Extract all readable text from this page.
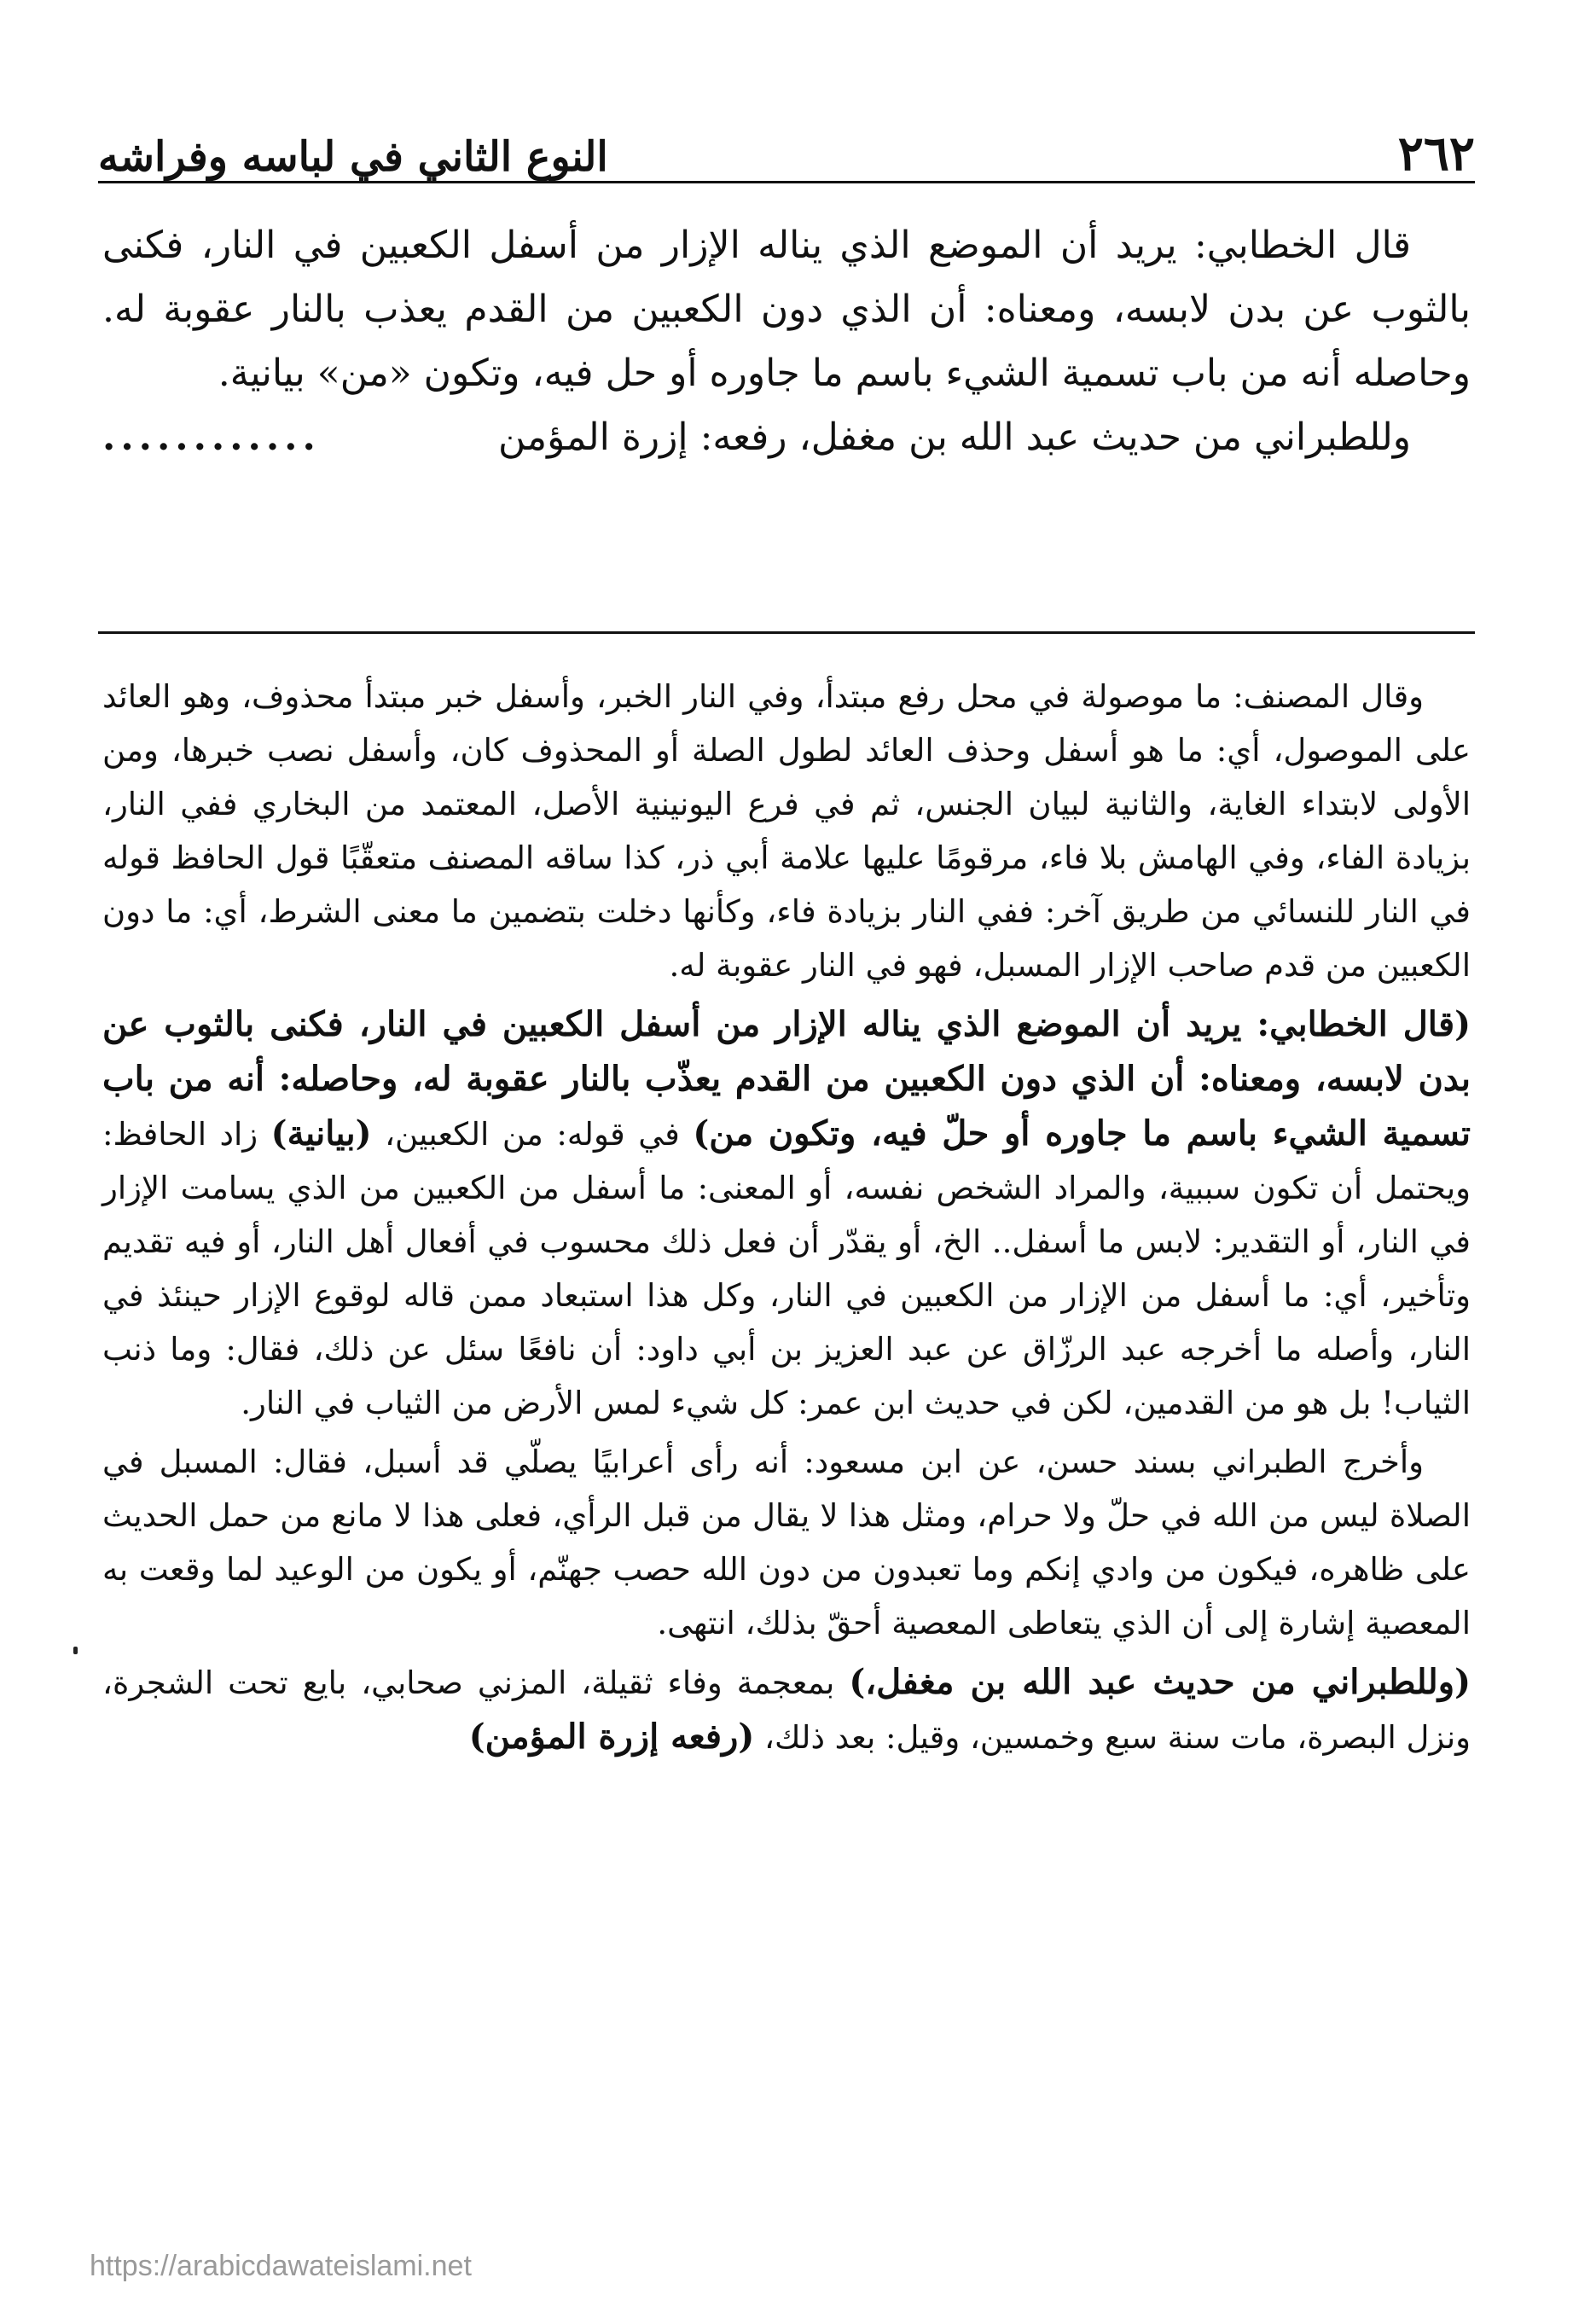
٢٦٢
النوع الثاني في لباسه وفراشه

قال الخطابي: يريد أن الموضع الذي يناله الإزار من أسفل الكعبين في النار، فكنى بالثوب عن بدن لابسه، ومعناه: أن الذي دون الكعبين من القدم يعذب بالنار عقوبة له. وحاصله أنه من باب تسمية الشيء باسم ما جاوره أو حل فيه، وتكون «من» بيانية.

وللطبراني من حديث عبد الله بن مغفل، رفعه: إزرة المؤمن
............

وقال المصنف: ما موصولة في محل رفع مبتدأ، وفي النار الخبر، وأسفل خبر مبتدأ محذوف، وهو العائد على الموصول، أي: ما هو أسفل وحذف العائد لطول الصلة أو المحذوف كان، وأسفل نصب خبرها، ومن الأولى لابتداء الغاية، والثانية لبيان الجنس، ثم في فرع اليونينية الأصل، المعتمد من البخاري ففي النار، بزيادة الفاء، وفي الهامش بلا فاء، مرقومًا عليها علامة أبي ذر، كذا ساقه المصنف متعقّبًا قول الحافظ قوله في النار للنسائي من طريق آخر: ففي النار بزيادة فاء، وكأنها دخلت بتضمين ما معنى الشرط، أي: ما دون الكعبين من قدم صاحب الإزار المسبل، فهو في النار عقوبة له.

(قال الخطابي: يريد أن الموضع الذي يناله الإزار من أسفل الكعبين في النار، فكنى بالثوب عن بدن لابسه، ومعناه: أن الذي دون الكعبين من القدم يعذّب بالنار عقوبة له، وحاصله: أنه من باب تسمية الشيء باسم ما جاوره أو حلّ فيه، وتكون من) في قوله: من الكعبين، (بيانية) زاد الحافظ: ويحتمل أن تكون سببية، والمراد الشخص نفسه، أو المعنى: ما أسفل من الكعبين من الذي يسامت الإزار في النار، أو التقدير: لابس ما أسفل.. الخ، أو يقدّر أن فعل ذلك محسوب في أفعال أهل النار، أو فيه تقديم وتأخير، أي: ما أسفل من الإزار من الكعبين في النار، وكل هذا استبعاد ممن قاله لوقوع الإزار حينئذ في النار، وأصله ما أخرجه عبد الرزّاق عن عبد العزيز بن أبي داود: أن نافعًا سئل عن ذلك، فقال: وما ذنب الثياب! بل هو من القدمين، لكن في حديث ابن عمر: كل شيء لمس الأرض من الثياب في النار.

وأخرج الطبراني بسند حسن، عن ابن مسعود: أنه رأى أعرابيًا يصلّي قد أسبل، فقال: المسبل في الصلاة ليس من الله في حلّ ولا حرام، ومثل هذا لا يقال من قبل الرأي، فعلى هذا لا مانع من حمل الحديث على ظاهره، فيكون من وادي إنكم وما تعبدون من دون الله حصب جهنّم، أو يكون من الوعيد لما وقعت به المعصية إشارة إلى أن الذي يتعاطى المعصية أحقّ بذلك، انتهى.

(وللطبراني من حديث عبد الله بن مغفل،) بمعجمة وفاء ثقيلة، المزني صحابي، بايع تحت الشجرة، ونزل البصرة، مات سنة سبع وخمسين، وقيل: بعد ذلك، (رفعه إزرة المؤمن)

https://arabicdawateislami.net
